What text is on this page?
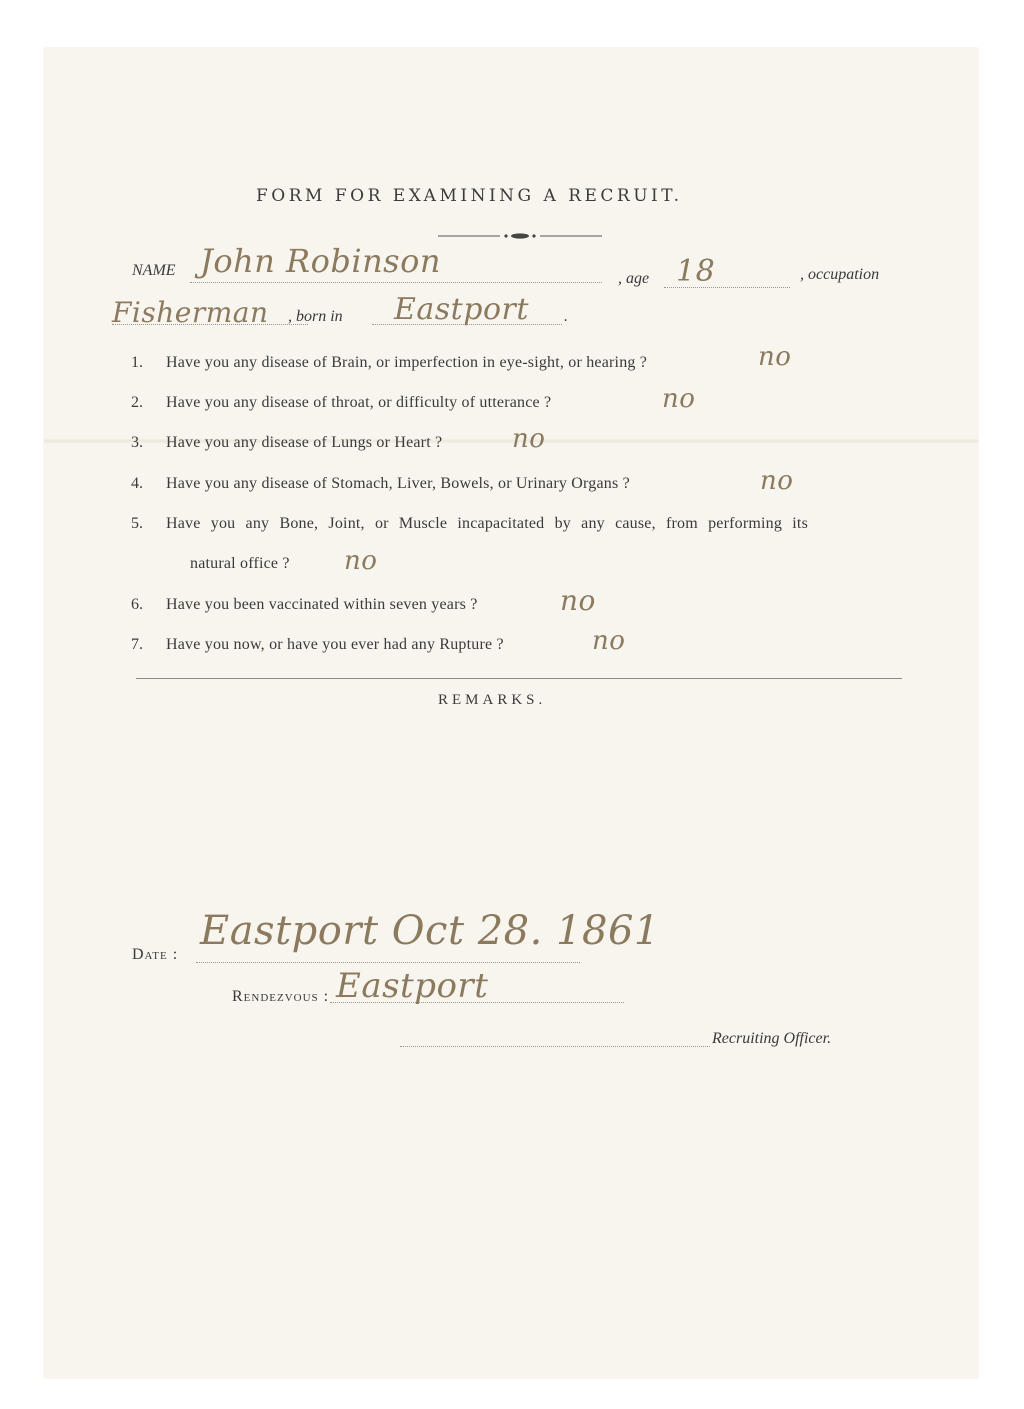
FORM FOR EXAMINING A RECRUIT.
NAME John Robinson	, age 18	, occupation
Fisherman , born in Eastport .
1. Have you any disease of Brain, or imperfection in eye-sight, or hearing ?	no
2. Have you any disease of throat, or difficulty of utterance ?	no
3. Have you any disease of Lungs or Heart ?	no
4. Have you any disease of Stomach, Liver, Bowels, or Urinary Organs ?	no
5. Have you any Bone, Joint, or Muscle incapacitated by any cause, from performing its
natural office ? no
6. Have you been vaccinated within seven years ?	no
7. Have you now, or have you ever had any Rupture ?	no
REMARKS.
Date :
Eastport Oct 28. 1861
Rendezvous : Eastport
Recruiting Officer.
